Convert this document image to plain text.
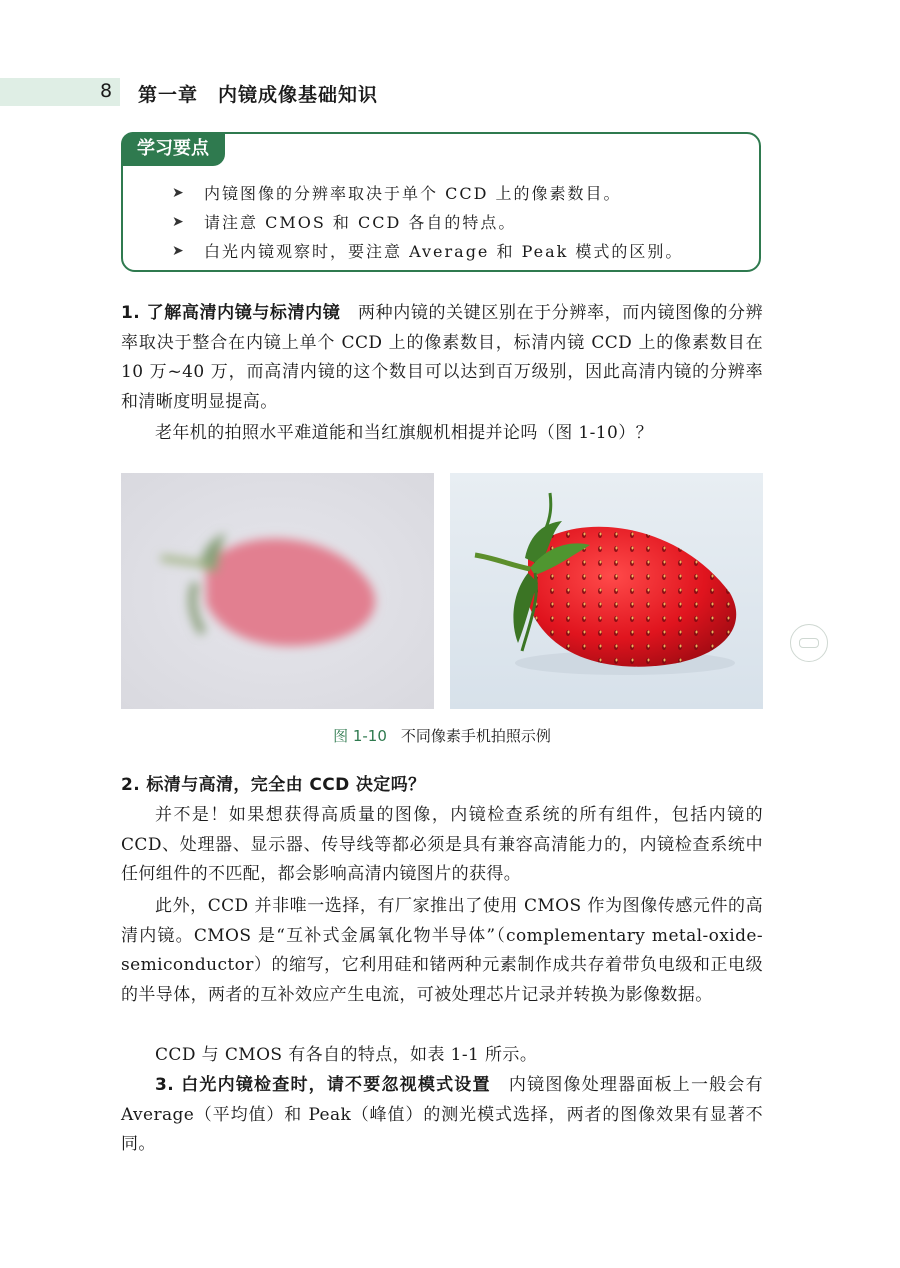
8 第一章　内镜成像基础知识
学习要点
➤	内镜图像的分辨率取决于单个 CCD 上的像素数目。
➤	请注意 CMOS 和 CCD 各自的特点。
➤	白光内镜观察时，要注意 Average 和 Peak 模式的区别。

1. 了解高清内镜与标清内镜　两种内镜的关键区别在于分辨率，而内镜图像的分辨率取决于整合在内镜上单个 CCD 上的像素数目，标清内镜 CCD 上的像素数目在 10 万~40 万，而高清内镜的这个数目可以达到百万级别，因此高清内镜的分辨率和清晰度明显提高。

老年机的拍照水平难道能和当红旗舰机相提并论吗（图 1-10）？

图 1-10 不同像素手机拍照示例

2. 标清与高清，完全由 CCD 决定吗？

并不是！如果想获得高质量的图像，内镜检查系统的所有组件，包括内镜的 CCD、处理器、显示器、传导线等都必须是具有兼容高清能力的，内镜检查系统中任何组件的不匹配，都会影响高清内镜图片的获得。

此外，CCD 并非唯一选择，有厂家推出了使用 CMOS 作为图像传感元件的高清内镜。CMOS 是“互补式金属氧化物半导体”（complementary metal-oxide-semiconductor）的缩写，它利用硅和锗两种元素制作成共存着带负电级和正电级的半导体，两者的互补效应产生电流，可被处理芯片记录并转换为影像数据。

CCD 与 CMOS 有各自的特点，如表 1-1 所示。

3. 白光内镜检查时，请不要忽视模式设置　内镜图像处理器面板上一般会有 Average（平均值）和 Peak（峰值）的测光模式选择，两者的图像效果有显著不同。
